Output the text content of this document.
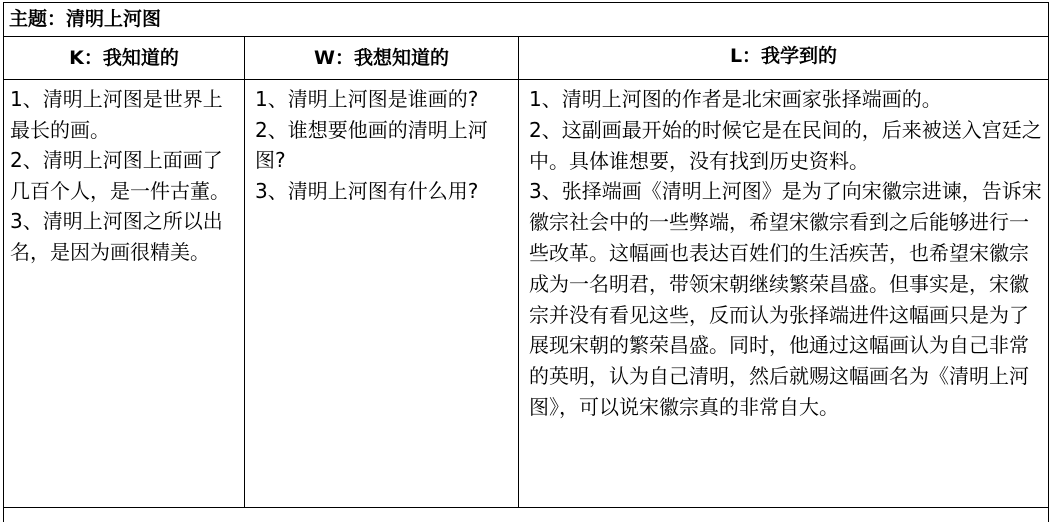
主题：清明上河图
K：我知道的
1、清明上河图是世界上最长的画。
2、清明上河图上面画了几百个人，是一件古董。
3、清明上河图之所以出名，是因为画很精美。
W：我想知道的
1、清明上河图是谁画的?
2、谁想要他画的清明上河图?
3、清明上河图有什么用?
L：我学到的
1、清明上河图的作者是北宋画家张择端画的。
2、这副画最开始的时候它是在民间的，后来被送入宫廷之中。具体谁想要，没有找到历史资料。
3、张择端画《清明上河图》是为了向宋徽宗进谏，告诉宋徽宗社会中的一些弊端，希望宋徽宗看到之后能够进行一些改革。这幅画也表达百姓们的生活疾苦，也希望宋徽宗成为一名明君，带领宋朝继续繁荣昌盛。但事实是，宋徽宗并没有看见这些，反而认为张择端进件这幅画只是为了展现宋朝的繁荣昌盛。同时，他通过这幅画认为自己非常的英明，认为自己清明，然后就赐这幅画名为《清明上河图》，可以说宋徽宗真的非常自大。
